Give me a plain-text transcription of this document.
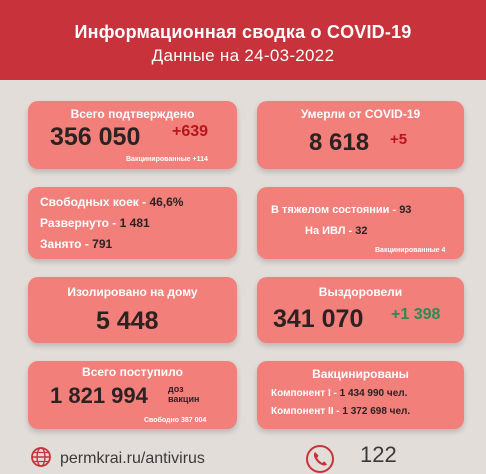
Информационная сводка о COVID-19
Данные на 24-03-2022
Всего подтверждено
356 050 +639
Вакцинированные +114
Умерли от COVID-19
8 618 +5
Свободных коек - 46,6%
Развернуто - 1 481
Занято - 791
В тяжелом состоянии - 93
На ИВЛ - 32
Вакцинированные 4
Изолировано на дому
5 448
Выздоровели
341 070 +1 398
Всего поступило
1 821 994 доз
вакцин
Свободно 387 004
Вакцинированы
Компонент I - 1 434 990 чел.
Компонент II - 1 372 698 чел.
permkrai.ru/antivirus	122
